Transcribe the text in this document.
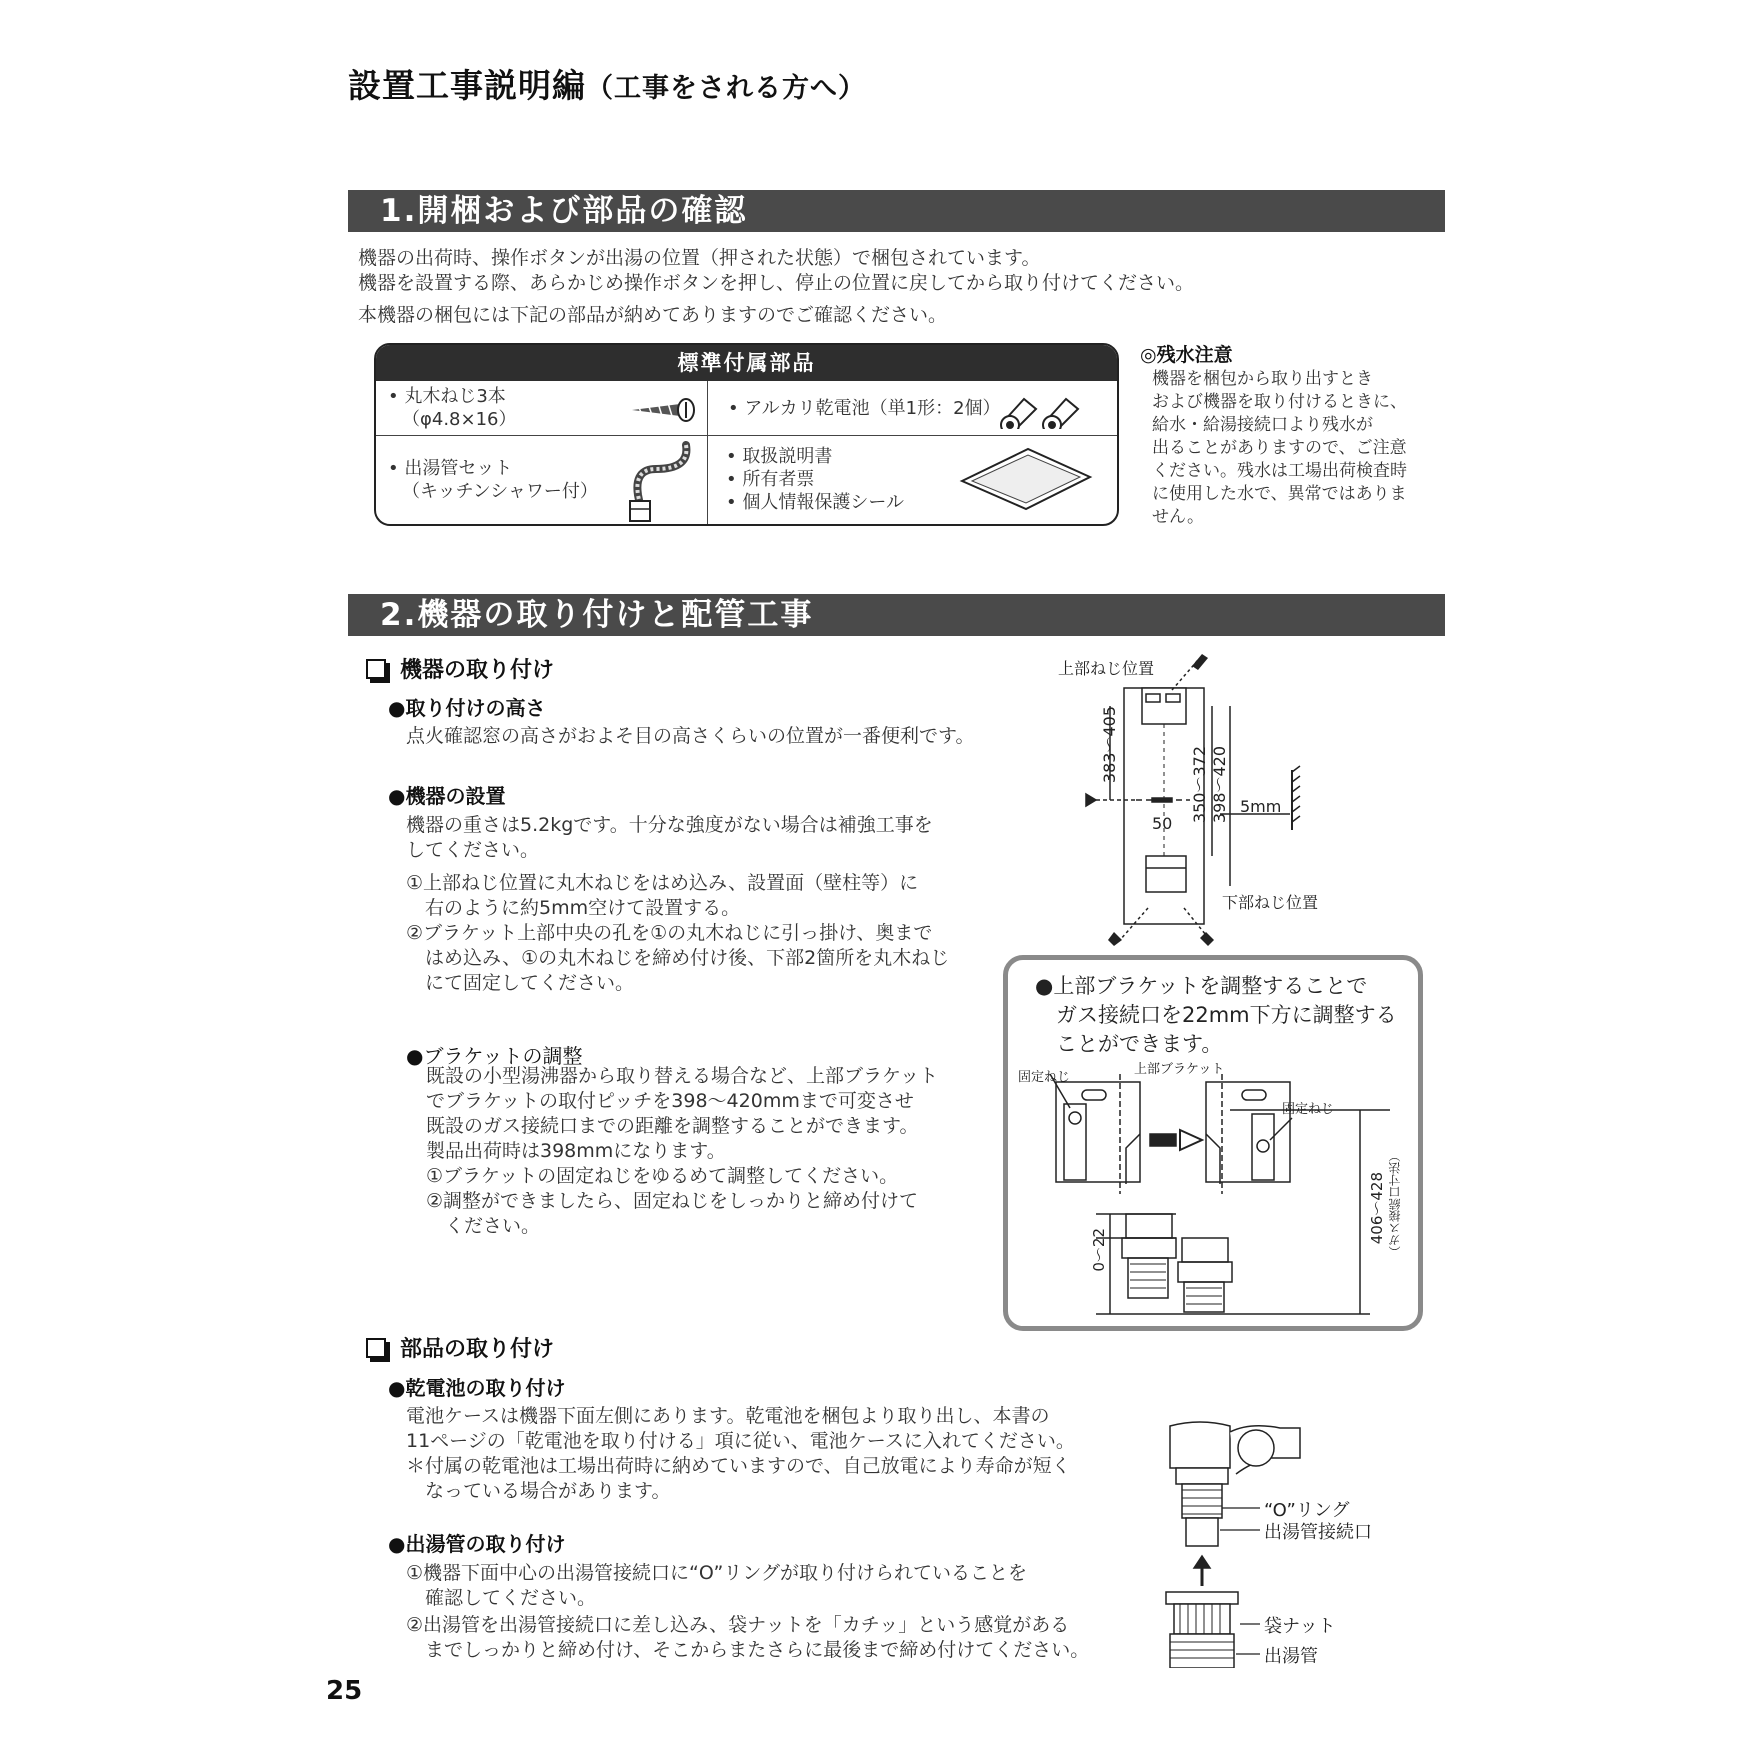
設置工事説明編（工事をされる方へ）
1.開梱および部品の確認
機器の出荷時、操作ボタンが出湯の位置（押された状態）で梱包されています。
機器を設置する際、あらかじめ操作ボタンを押し、停止の位置に戻してから取り付けてください。
本機器の梱包には下記の部品が納めてありますのでご確認ください。
標準付属部品
• 丸木ねじ3本
（φ4.8×16）
• アルカリ乾電池（単1形：2個）
• 出湯管セット
（キッチンシャワー付）
• 取扱説明書
• 所有者票
• 個人情報保護シール
◎残水注意
機器を梱包から取り出すとき
および機器を取り付けるときに、
給水・給湯接続口より残水が
出ることがありますので、ご注意
ください。残水は工場出荷検査時
に使用した水で、異常ではありま
せん。
2.機器の取り付けと配管工事
機器の取り付け
●取り付けの高さ
点火確認窓の高さがおよそ目の高さくらいの位置が一番便利です。
●機器の設置
機器の重さは5.2kgです。十分な強度がない場合は補強工事を
してください。
①上部ねじ位置に丸木ねじをはめ込み、設置面（壁柱等）に
　右のように約5mm空けて設置する。
②ブラケット上部中央の孔を①の丸木ねじに引っ掛け、奥まで
　はめ込み、①の丸木ねじを締め付け後、下部2箇所を丸木ねじ
　にて固定してください。
●ブラケットの調整
既設の小型湯沸器から取り替える場合など、上部ブラケット
でブラケットの取付ピッチを398～420mmまで可変させ
既設のガス接続口までの距離を調整することができます。
製品出荷時は398mmになります。
①ブラケットの固定ねじをゆるめて調整してください。
②調整ができましたら、固定ねじをしっかりと締め付けて
　ください。
上部ねじ位置
下部ねじ位置
383～405
350～372 398～420 5mm
50
●上部ブラケットを調整することで
　ガス接続口を22mm下方に調整する
　ことができます。
固定ねじ
上部ブラケット
固定ねじ
0～22
406～428 （ガス接続口寸法）
部品の取り付け
●乾電池の取り付け
電池ケースは機器下面左側にあります。乾電池を梱包より取り出し、本書の
11ページの「乾電池を取り付ける」項に従い、電池ケースに入れてください。
＊付属の乾電池は工場出荷時に納めていますので、自己放電により寿命が短く
　なっている場合があります。
●出湯管の取り付け
①機器下面中心の出湯管接続口に“O”リングが取り付けられていることを
　確認してください。
②出湯管を出湯管接続口に差し込み、袋ナットを「カチッ」という感覚がある
　までしっかりと締め付け、そこからまたさらに最後まで締め付けてください。
“O”リング
出湯管接続口
袋ナット
出湯管
25
